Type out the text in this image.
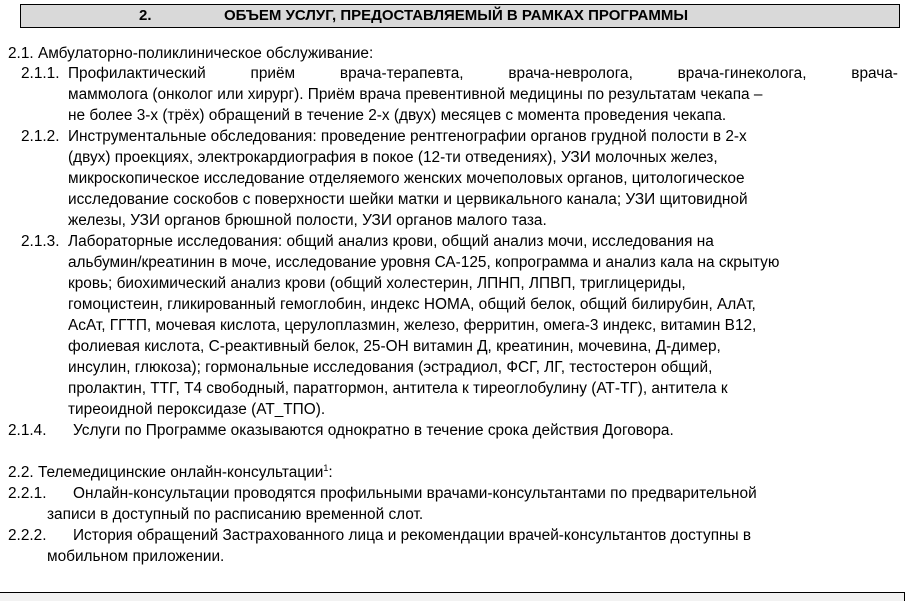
2.	ОБЪЕМ УСЛУГ, ПРЕДОСТАВЛЯЕМЫЙ В РАМКАХ ПРОГРАММЫ
2.1. Амбулаторно-поликлиническое обслуживание:
2.1.1. Профилактический	приём	врача-терапевта,	врача-невролога,	врача-гинеколога,	врача-
маммолога (онколог или хирург). Приём врача превентивной медицины по результатам чекапа –
не более 3-х (трёх) обращений в течение 2-х (двух) месяцев с момента проведения чекапа.
2.1.2. Инструментальные обследования: проведение рентгенографии органов грудной полости в 2-х
(двух) проекциях, электрокардиография в покое (12-ти отведениях), УЗИ молочных желез,
микроскопическое исследование отделяемого женских мочеполовых органов, цитологическое
исследование соскобов с поверхности шейки матки и цервикального канала; УЗИ щитовидной
железы, УЗИ органов брюшной полости, УЗИ органов малого таза.
2.1.3. Лабораторные исследования: общий анализ крови, общий анализ мочи, исследования на
альбумин/креатинин в моче, исследование уровня СА-125, копрограмма и анализ кала на скрытую
кровь; биохимический анализ крови (общий холестерин, ЛПНП, ЛПВП, триглицериды,
гомоцистеин, гликированный гемоглобин, индекс НОМА, общий белок, общий билирубин, АлАт,
АсАт, ГГТП, мочевая кислота, церулоплазмин, железо, ферритин, омега-3 индекс, витамин В12,
фолиевая кислота, С-реактивный белок, 25-ОН витамин Д, креатинин, мочевина, Д-димер,
инсулин, глюкоза); гормональные исследования (эстрадиол, ФСГ, ЛГ, тестостерон общий,
пролактин, ТТГ, Т4 свободный, паратгормон, антитела к тиреоглобулину (АТ-ТГ), антитела к
тиреоидной пероксидазе (АТ_ТПО).
2.1.4. Услуги по Программе оказываются однократно в течение срока действия Договора.
2.2. Телемедицинские онлайн-консультации$^1$:
2.2.1. Онлайн-консультации проводятся профильными врачами-консультантами по предварительной
записи в доступный по расписанию временной слот.
2.2.2. История обращений Застрахованного лица и рекомендации врачей-консультантов доступны в
мобильном приложении.
